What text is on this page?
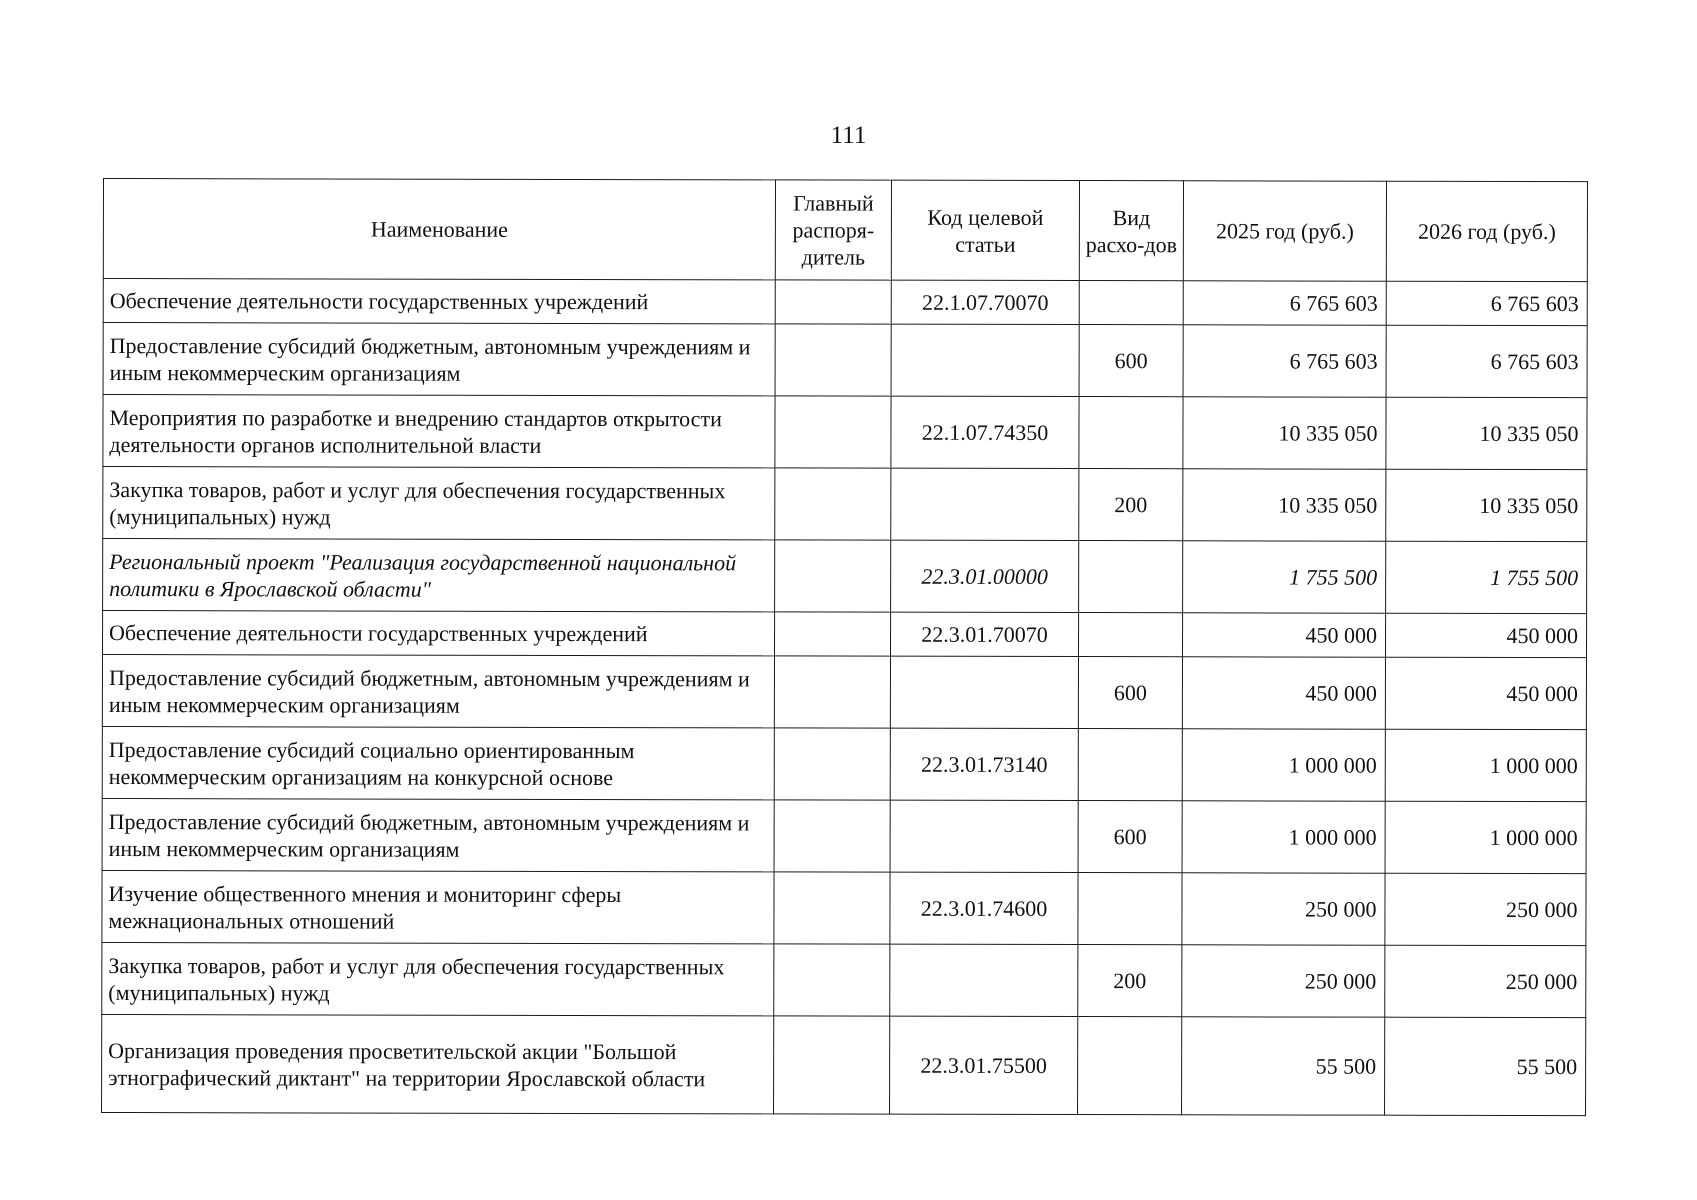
111
Наименование	Главный распоря-дитель	Код целевой статьи	Вид расхо-дов	2025 год (руб.)	2026 год (руб.)
Обеспечение деятельности государственных учреждений		22.1.07.70070		6 765 603	6 765 603
Предоставление субсидий бюджетным, автономным учреждениям и иным некоммерческим организациям			600	6 765 603	6 765 603
Мероприятия по разработке и внедрению стандартов открытости деятельности органов исполнительной власти		22.1.07.74350		10 335 050	10 335 050
Закупка товаров, работ и услуг для обеспечения государственных (муниципальных) нужд			200	10 335 050	10 335 050
Региональный проект "Реализация государственной национальной политики в Ярославской области"		22.3.01.00000		1 755 500	1 755 500
Обеспечение деятельности государственных учреждений		22.3.01.70070		450 000	450 000
Предоставление субсидий бюджетным, автономным учреждениям и иным некоммерческим организациям			600	450 000	450 000
Предоставление субсидий социально ориентированным некоммерческим организациям на конкурсной основе		22.3.01.73140		1 000 000	1 000 000
Предоставление субсидий бюджетным, автономным учреждениям и иным некоммерческим организациям			600	1 000 000	1 000 000
Изучение общественного мнения и мониторинг сферы межнациональных отношений		22.3.01.74600		250 000	250 000
Закупка товаров, работ и услуг для обеспечения государственных (муниципальных) нужд			200	250 000	250 000
Организация проведения просветительской акции "Большой этнографический диктант" на территории Ярославской области		22.3.01.75500		55 500	55 500
